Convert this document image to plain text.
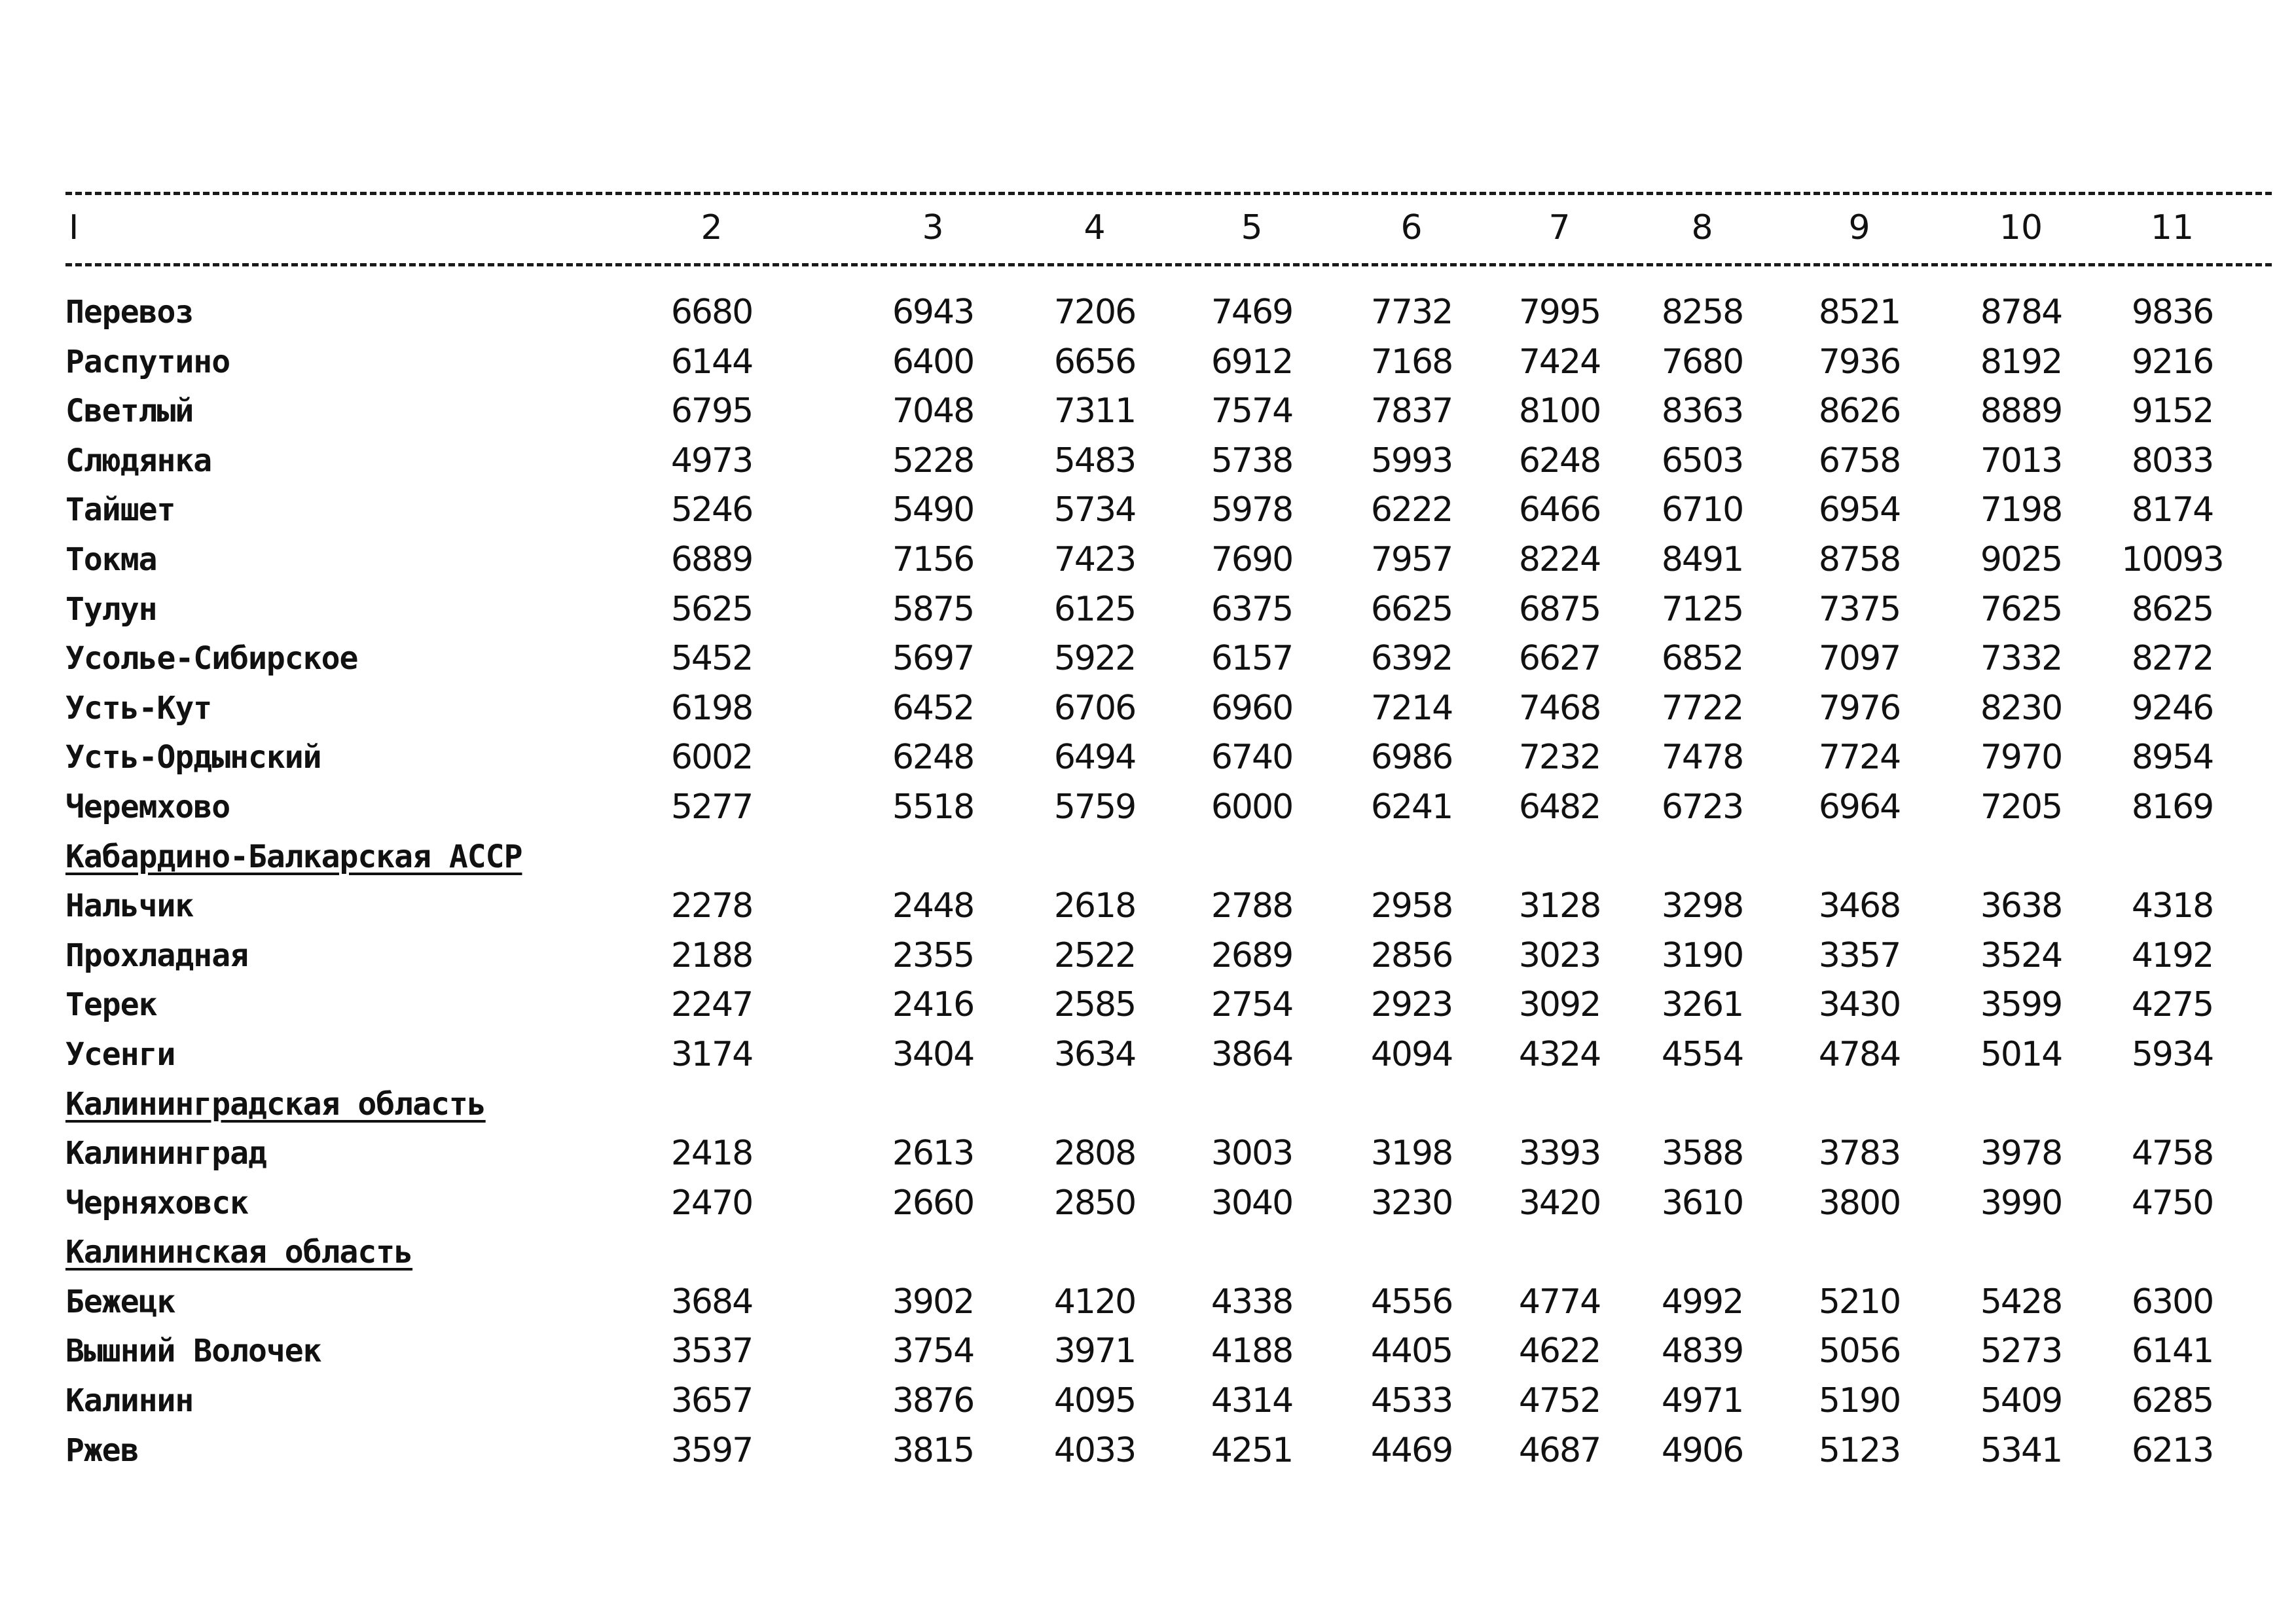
I	2	3	4	5	6	7	8	9	10	11
Перевоз	6680	6943	7206	7469	7732	7995	8258	8521	8784	9836
Распутино	6144	6400	6656	6912	7168	7424	7680	7936	8192	9216
Светлый	6795	7048	7311	7574	7837	8100	8363	8626	8889	9152
Слюдянка	4973	5228	5483	5738	5993	6248	6503	6758	7013	8033
Тайшет	5246	5490	5734	5978	6222	6466	6710	6954	7198	8174
Токма	6889	7156	7423	7690	7957	8224	8491	8758	9025	10093
Тулун	5625	5875	6125	6375	6625	6875	7125	7375	7625	8625
Усолье-Сибирское	5452	5697	5922	6157	6392	6627	6852	7097	7332	8272
Усть-Кут	6198	6452	6706	6960	7214	7468	7722	7976	8230	9246
Усть-Ордынский	6002	6248	6494	6740	6986	7232	7478	7724	7970	8954
Черемхово	5277	5518	5759	6000	6241	6482	6723	6964	7205	8169
Кабардино-Балкарская АССР
Нальчик	2278	2448	2618	2788	2958	3128	3298	3468	3638	4318
Прохладная	2188	2355	2522	2689	2856	3023	3190	3357	3524	4192
Терек	2247	2416	2585	2754	2923	3092	3261	3430	3599	4275
Усенги	3174	3404	3634	3864	4094	4324	4554	4784	5014	5934
Калининградская область
Калининград	2418	2613	2808	3003	3198	3393	3588	3783	3978	4758
Черняховск	2470	2660	2850	3040	3230	3420	3610	3800	3990	4750
Калининская область
Бежецк	3684	3902	4120	4338	4556	4774	4992	5210	5428	6300
Вышний Волочек	3537	3754	3971	4188	4405	4622	4839	5056	5273	6141
Калинин	3657	3876	4095	4314	4533	4752	4971	5190	5409	6285
Ржев	3597	3815	4033	4251	4469	4687	4906	5123	5341	6213
